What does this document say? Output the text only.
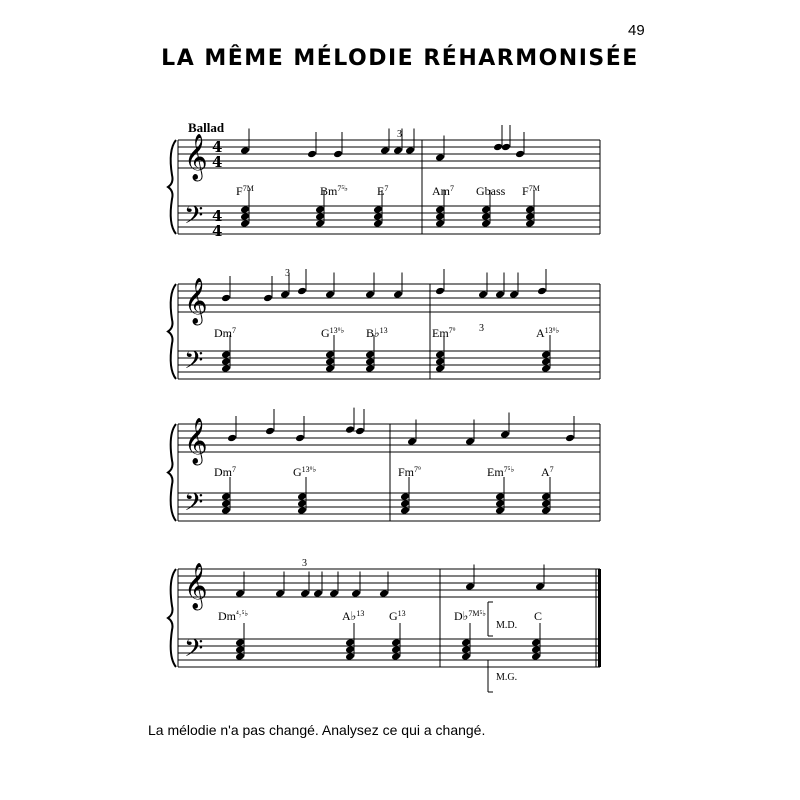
49
LA MÊME MÉLODIE RÉHARMONISÉE
𝄞
𝄢
𝄞
𝄢
𝄞
𝄢
𝄞
𝄢
Ballad
4
4
4
4
3
3
3
3
$F^{7M}$	$Bm^{7^5♭}$ $E^7$	Am$^7$ Gbass $F^{7M}$
Dm$^7$	$G^{13^9♭}$ B♭$^{13}$	$Em^{7^9}$	$A^{13^9♭}$
Dm$^7$	$G^{13^9♭}$	$Fm^{7^9}$	$Em^{7^5♭}$ $A^7$
$Dm^{^4_7^5♭}$	A♭$^{13}$ $G^{13}$	D♭$^{7M^5♭}$	C
M.D.
M.G.
La mélodie n'a pas changé. Analysez ce qui a changé.
